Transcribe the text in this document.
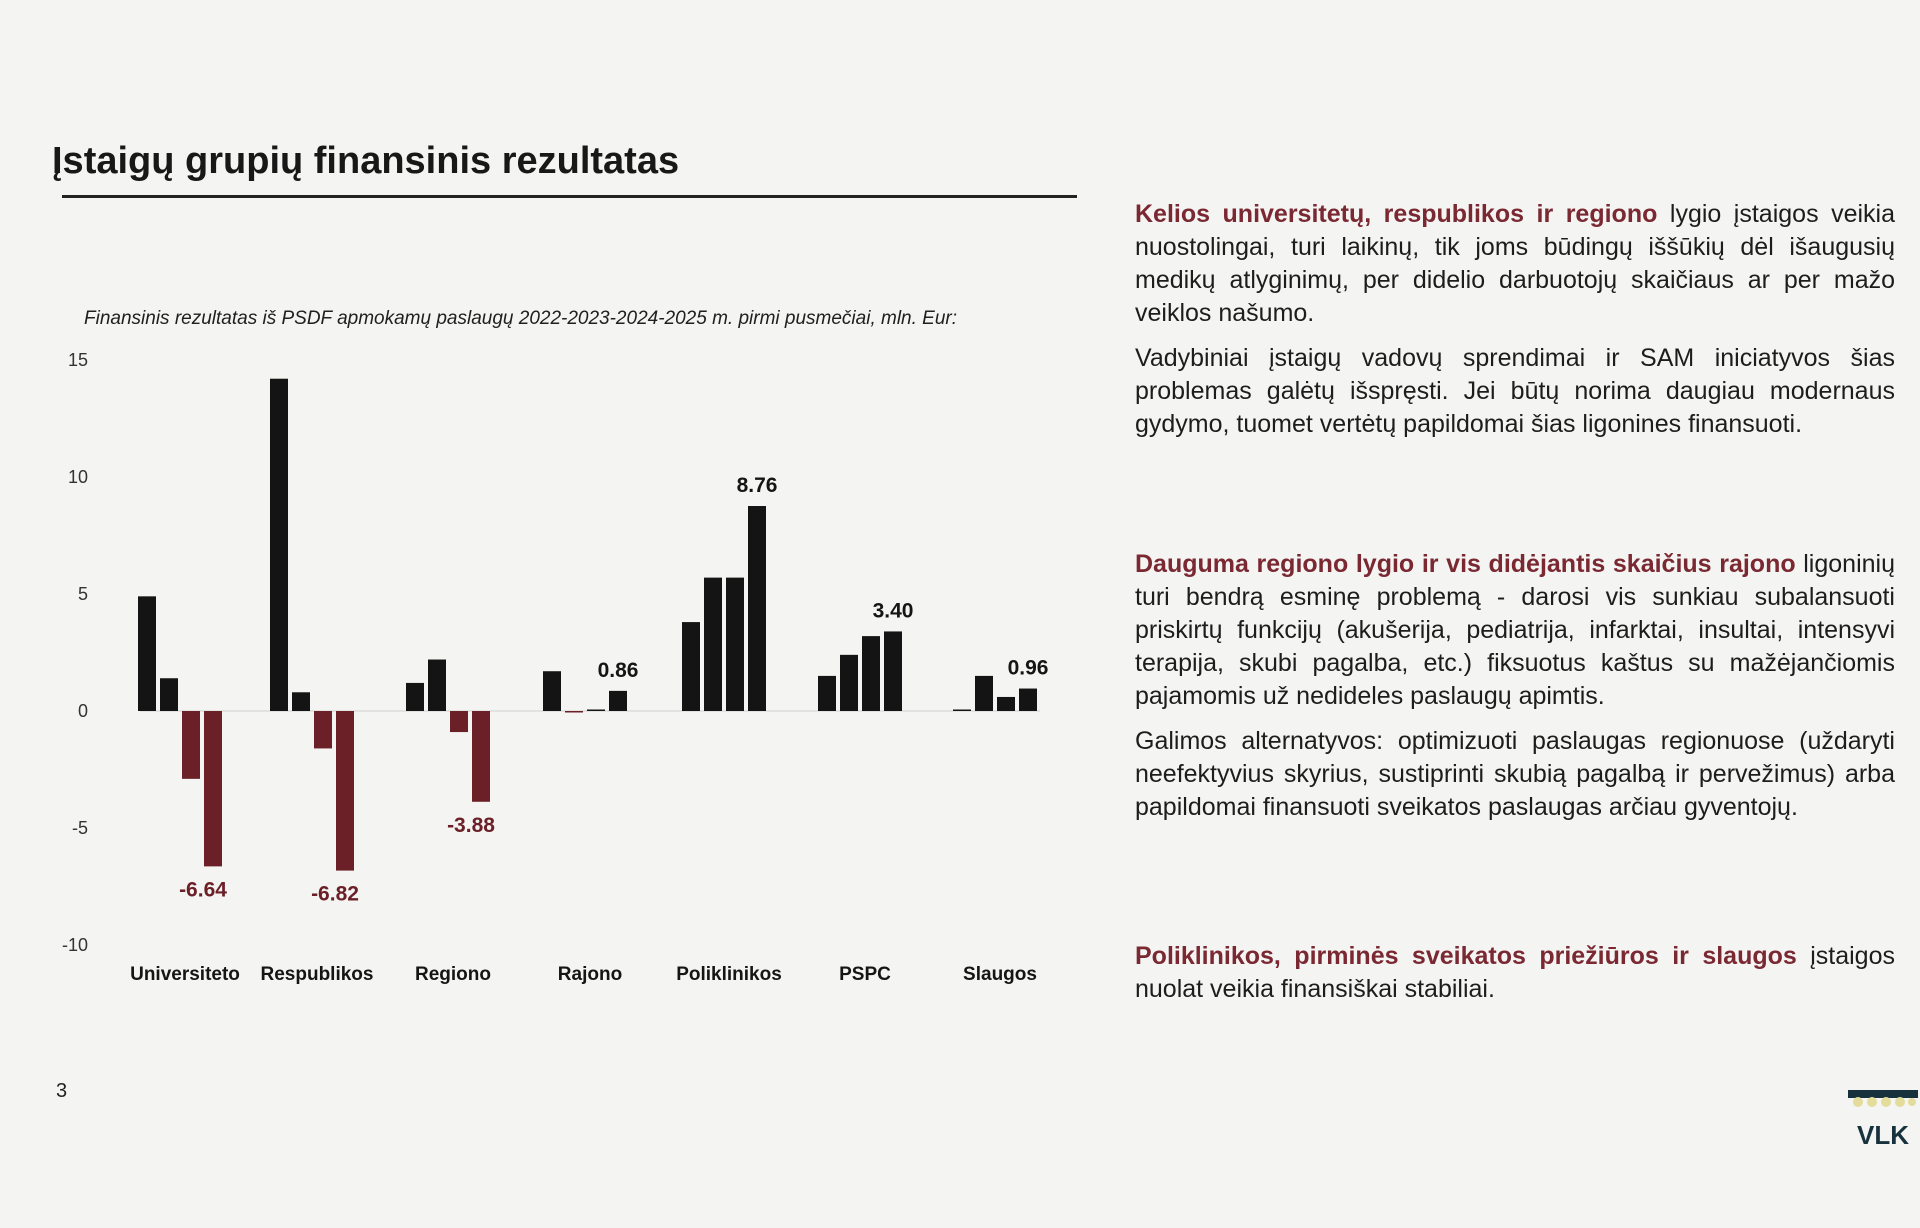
Įstaigų grupių finansinis rezultatas
Finansinis rezultatas iš PSDF apmokamų paslaugų 2022-2023-2024-2025 m. pirmi pusmečiai, mln. Eur:
15
10
5
0
-5
-10
-6.64
Universiteto
-6.82
Respublikos
-3.88
Regiono
0.86
Rajono
8.76
Poliklinikos
3.40
PSPC
0.96
Slaugos

Kelios universitetų, respublikos ir regiono lygio įstaigos veikia nuostolingai, turi laikinų, tik joms būdingų iššūkių dėl išaugusių medikų atlyginimų, per didelio darbuotojų skaičiaus ar per mažo veiklos našumo.

Vadybiniai įstaigų vadovų sprendimai ir SAM iniciatyvos šias problemas galėtų išspręsti. Jei būtų norima daugiau modernaus gydymo, tuomet vertėtų papildomai šias ligonines finansuoti.

Dauguma regiono lygio ir vis didėjantis skaičius rajono ligoninių turi bendrą esminę problemą - darosi vis sunkiau subalansuoti priskirtų funkcijų (akušerija, pediatrija, infarktai, insultai, intensyvi terapija, skubi pagalba, etc.) fiksuotus kaštus su mažėjančiomis pajamomis už nedideles paslaugų apimtis.

Galimos alternatyvos: optimizuoti paslaugas regionuose (uždaryti neefektyvius skyrius, sustiprinti skubią pagalbą ir pervežimus) arba papildomai finansuoti sveikatos paslaugas arčiau gyventojų.

Poliklinikos, pirminės sveikatos priežiūros ir slaugos įstaigos nuolat veikia finansiškai stabiliai.

3
VLK
